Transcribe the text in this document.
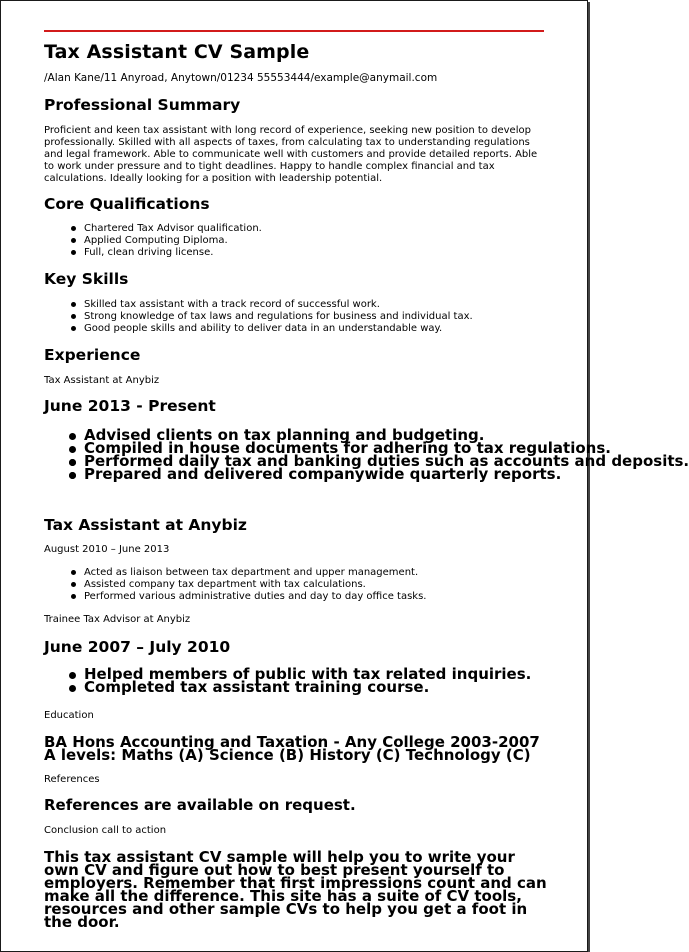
Tax Assistant CV Sample
/Alan Kane/11 Anyroad, Anytown/01234 55553444/example@anymail.com
Professional Summary
Proficient and keen tax assistant with long record of experience, seeking new position to develop professionally. Skilled with all aspects of taxes, from calculating tax to understanding regulations and legal framework. Able to communicate well with customers and provide detailed reports. Able to work under pressure and to tight deadlines. Happy to handle complex financial and tax calculations. Ideally looking for a position with leadership potential.
Core Qualifications
Chartered Tax Advisor qualification.
Applied Computing Diploma.
Full, clean driving license.
Key Skills
Skilled tax assistant with a track record of successful work.
Strong knowledge of tax laws and regulations for business and individual tax.
Good people skills and ability to deliver data in an understandable way.
Experience
Tax Assistant at Anybiz
June 2013 - Present
Advised clients on tax planning and budgeting.
Compiled in house documents for adhering to tax regulations.
Performed daily tax and banking duties such as accounts and deposits.
Prepared and delivered companywide quarterly reports.
Tax Assistant at Anybiz
August 2010 – June 2013
Acted as liaison between tax department and upper management.
Assisted company tax department with tax calculations.
Performed various administrative duties and day to day office tasks.
Trainee Tax Advisor at Anybiz
June 2007 – July 2010
Helped members of public with tax related inquiries.
Completed tax assistant training course.
Education
BA Hons Accounting and Taxation - Any College 2003-2007 A levels: Maths (A) Science (B) History (C) Technology (C)
References
References are available on request.
Conclusion call to action
This tax assistant CV sample will help you to write your own CV and figure out how to best present yourself to employers. Remember that first impressions count and can make all the difference. This site has a suite of CV tools, resources and other sample CVs to help you get a foot in the door.
